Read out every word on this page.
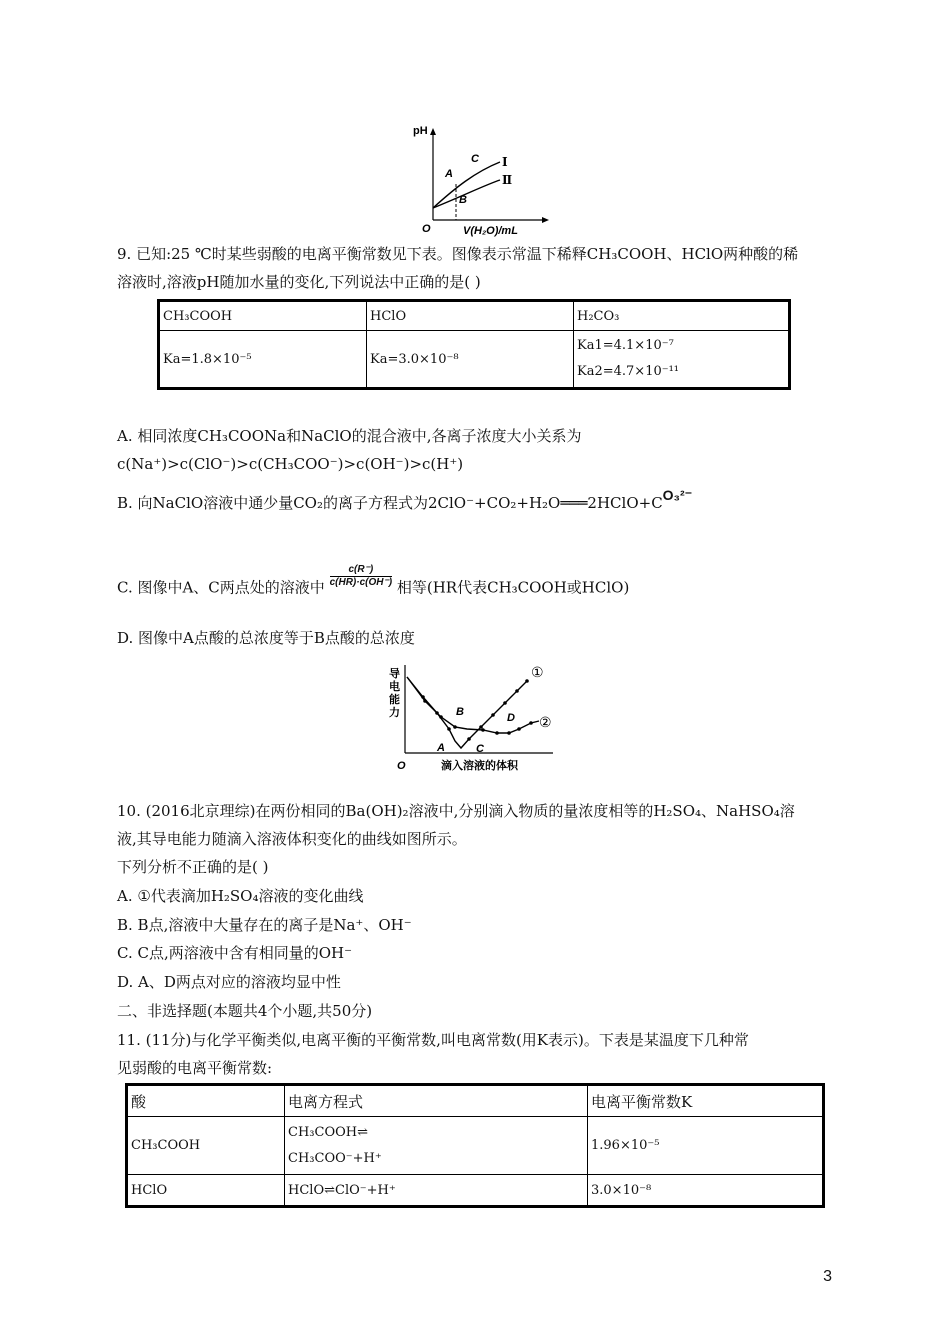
pH
V(H₂O)/mL
O
Ⅰ
Ⅱ
A
B
C
9. 已知:25 ℃时某些弱酸的电离平衡常数见下表。图像表示常温下稀释CH₃COOH、HClO两种酸的稀
溶液时,溶液pH随加水量的变化,下列说法中正确的是( )
CH₃COOH	HClO	H₂CO₃
Ka=1.8×10⁻⁵	Ka=3.0×10⁻⁸	Ka1=4.1×10⁻⁷
Ka2=4.7×10⁻¹¹
A. 相同浓度CH₃COONa和NaClO的混合液中,各离子浓度大小关系为
c(Na⁺)>c(ClO⁻)>c(CH₃COO⁻)>c(OH⁻)>c(H⁺)
B. 向NaClO溶液中通少量CO₂的离子方程式为2ClO⁻+CO₂+H₂O═══2HClO+CO₃²⁻
C. 图像中A、C两点处的溶液中 $\frac{c(R^-)}{c(HR)\cdot c(OH^-)}$ 相等(HR代表CH₃COOH或HClO)
D. 图像中A点酸的总浓度等于B点酸的总浓度
导 电 能 力
滴入溶液的体积
O
①
②
A
B
C
D
10. (2016北京理综)在两份相同的Ba(OH)₂溶液中,分别滴入物质的量浓度相等的H₂SO₄、NaHSO₄溶
液,其导电能力随滴入溶液体积变化的曲线如图所示。
下列分析不正确的是( )
A. ①代表滴加H₂SO₄溶液的变化曲线
B. B点,溶液中大量存在的离子是Na⁺、OH⁻
C. C点,两溶液中含有相同量的OH⁻
D. A、D两点对应的溶液均显中性
二、非选择题(本题共4个小题,共50分)
11. (11分)与化学平衡类似,电离平衡的平衡常数,叫电离常数(用K表示)。下表是某温度下几种常
见弱酸的电离平衡常数:
酸	电离方程式	电离平衡常数K
CH₃COOH	CH₃COOH⇌
CH₃COO⁻+H⁺	1.96×10⁻⁵
HClO	HClO⇌ClO⁻+H⁺	3.0×10⁻⁸
3
